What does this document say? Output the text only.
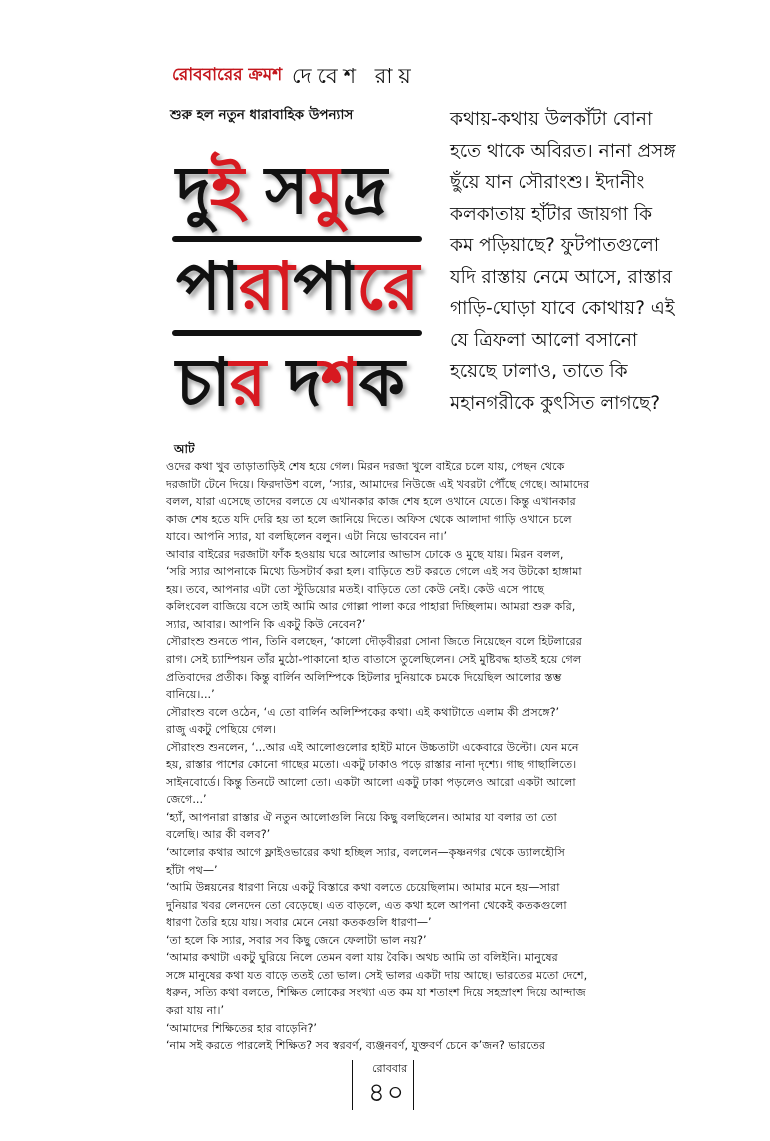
রোববারের ক্রমশ দেবেশ রায়
শুরু হল নতুন ধারাবাহিক উপন্যাস
দুই সমুদ্র
পারাপারে
চার দশক
কথায়-কথায় উলকাঁটা বোনা
হতে থাকে অবিরত। নানা প্রসঙ্গ
ছুঁয়ে যান সৌরাংশু। ইদানীং
কলকাতায় হাঁটার জায়গা কি
কম পড়িয়াছে? ফুটপাতগুলো
যদি রাস্তায় নেমে আসে, রাস্তার
গাড়ি-ঘোড়া যাবে কোথায়? এই
যে ত্রিফলা আলো বসানো
হয়েছে ঢালাও, তাতে কি
মহানগরীকে কুৎসিত লাগছে?
আট
ওদের কথা খুব তাড়াতাড়িই শেষ হয়ে গেল। মিরন দরজা খুলে বাইরে চলে যায়, পেছন থেকে
দরজাটা টেনে দিয়ে। ফিরদাউশ বলে, ‘স্যার, আমাদের নিউজে এই খবরটা পৌঁছে গেছে। আমাদের
বলল, যারা এসেছে তাদের বলতে যে এখানকার কাজ শেষ হলে ওখানে যেতে। কিন্তু এখানকার
কাজ শেষ হতে যদি দেরি হয় তা হলে জানিয়ে দিতে। অফিস থেকে আলাদা গাড়ি ওখানে চলে
যাবে। আপনি স্যার, যা বলছিলেন বলুন। এটা নিয়ে ভাববেন না।’
আবার বাইরের দরজাটা ফাঁক হওয়ায় ঘরে আলোর আভাস ঢোকে ও মুছে যায়। মিরন বলল,
‘সরি স্যার আপনাকে মিথ্যে ডিসটার্ব করা হল। বাড়িতে শুট করতে গেলে এই সব উটকো হাঙ্গামা
হয়। তবে, আপনার এটা তো স্টুডিয়োর মতই। বাড়িতে তো কেউ নেই। কেউ এসে পাছে
কলিংবেল বাজিয়ে বসে তাই আমি আর গোল্লা পালা করে পাহারা দিচ্ছিলাম। আমরা শুরু করি,
স্যার, আবার। আপনি কি একটু কিউ নেবেন?’
সৌরাংশু শুনতে পান, তিনি বলছেন, ‘কালো দৌড়বীররা সোনা জিতে নিয়েছেন বলে হিটলারের
রাগ। সেই চ্যাম্পিয়ন তাঁর মুঠো-পাকানো হাত বাতাসে তুলেছিলেন। সেই মুষ্টিবদ্ধ হাতই হয়ে গেল
প্রতিবাদের প্রতীক। কিন্তু বার্লিন অলিম্পিকে হিটলার দুনিয়াকে চমকে দিয়েছিল আলোর স্তম্ভ
বানিয়ে।...’
সৌরাংশু বলে ওঠেন, ‘এ তো বার্লিন অলিম্পিকের কথা। এই কথাটাতে এলাম কী প্রসঙ্গে?’
রাজু একটু পেছিয়ে গেল।
সৌরাংশু শুনলেন, ‘...আর এই আলোগুলোর হাইট মানে উচ্চতাটা একেবারে উল্টো। যেন মনে
হয়, রাস্তার পাশের কোনো গাছের মতো। একটু ঢাকাও পড়ে রাস্তার নানা দৃশ্যে। গাছ গাছালিতে।
সাইনবোর্ডে। কিন্তু তিনটে আলো তো। একটা আলো একটু ঢাকা পড়লেও আরো একটা আলো
জেগে...’
‘হ্যাঁ, আপনারা রাস্তার ঐ নতুন আলোগুলি নিয়ে কিছু বলছিলেন। আমার যা বলার তা তো
বলেছি। আর কী বলব?’
‘আলোর কথার আগে ফ্লাইওভারের কথা হচ্ছিল স্যার, বললেন—কৃষ্ণনগর থেকে ড্যালহৌসি
হাঁটা পথ—’
‘আমি উন্নয়নের ধারণা নিয়ে একটু বিস্তারে কথা বলতে চেয়েছিলাম। আমার মনে হয়—সারা
দুনিয়ার খবর লেনদেন তো বেড়েছে। এত বাড়লে, এত কথা হলে আপনা থেকেই কতকগুলো
ধারণা তৈরি হয়ে যায়। সবার মেনে নেয়া কতকগুলি ধারণা—’
‘তা হলে কি স্যার, সবার সব কিছু জেনে ফেলাটা ভাল নয়?’
‘আমার কথাটা একটু ঘুরিয়ে নিলে তেমন বলা যায় বৈকি। অথচ আমি তা বলিইনি। মানুষের
সঙ্গে মানুষের কথা যত বাড়ে ততই তো ভাল। সেই ভালর একটা দায় আছে। ভারতের মতো দেশে,
ধরুন, সত্যি কথা বলতে, শিক্ষিত লোকের সংখ্যা এত কম যা শতাংশ দিয়ে সহস্রাংশ দিয়ে আন্দাজ
করা যায় না।’
‘আমাদের শিক্ষিতের হার বাড়েনি?’
‘নাম সই করতে পারলেই শিক্ষিত? সব স্বরবর্ণ, ব্যঞ্জনবর্ণ, যুক্তবর্ণ চেনে ক’জন? ভারতের
রোববার
৪০
